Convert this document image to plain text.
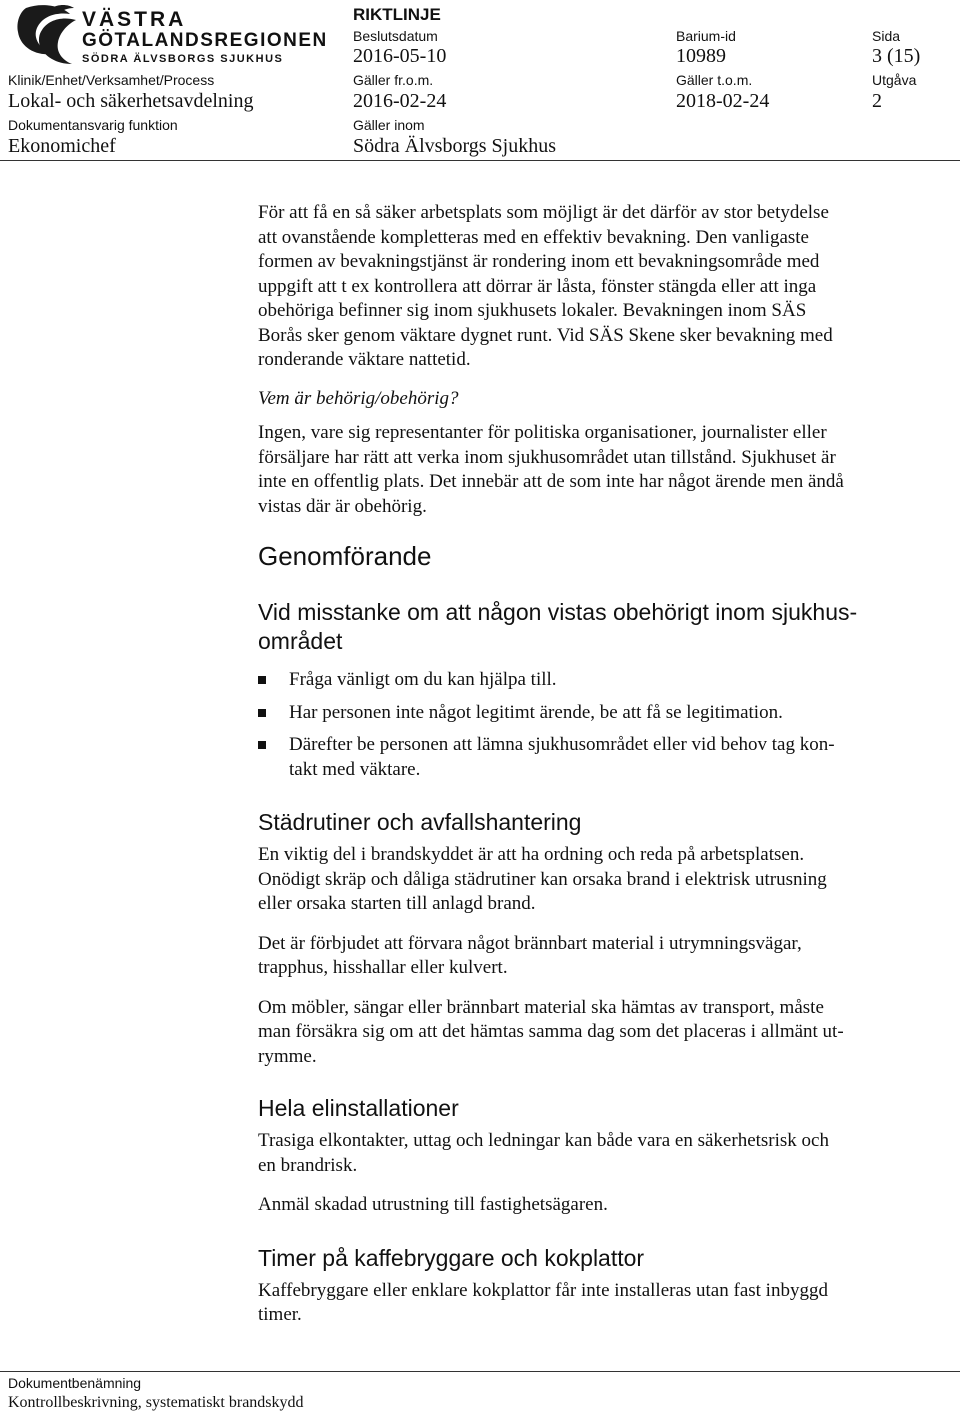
VÄSTRA
GÖTALANDSREGIONEN
SÖDRA ÄLVSBORGS SJUKHUS
RIKTLINJE
Beslutsdatum
2016-05-10
Barium-id
10989
Sida
3 (15)
Klinik/Enhet/Verksamhet/Process
Lokal- och säkerhetsavdelning
Gäller fr.o.m.
2016-02-24
Gäller t.o.m.
2018-02-24
Utgåva
2
Dokumentansvarig funktion
Ekonomichef
Gäller inom
Södra Älvsborgs Sjukhus

För att få en så säker arbetsplats som möjligt är det därför av stor betydelse
att ovanstående kompletteras med en effektiv bevakning. Den vanligaste
formen av bevakningstjänst är rondering inom ett bevakningsområde med
uppgift att t ex kontrollera att dörrar är låsta, fönster stängda eller att inga
obehöriga befinner sig inom sjukhusets lokaler. Bevakningen inom SÄS
Borås sker genom väktare dygnet runt. Vid SÄS Skene sker bevakning med
ronderande väktare nattetid.

Vem är behörig/obehörig?

Ingen, vare sig representanter för politiska organisationer, journalister eller
försäljare har rätt att verka inom sjukhusområdet utan tillstånd. Sjukhuset är
inte en offentlig plats. Det innebär att de som inte har något ärende men ändå
vistas där är obehörig.

Genomförande
Vid misstanke om att någon vistas obehörigt inom sjukhus-
området
Fråga vänligt om du kan hjälpa till.
Har personen inte något legitimt ärende, be att få se legitimation.
Därefter be personen att lämna sjukhusområdet eller vid behov tag kon-
takt med väktare.
Städrutiner och avfallshantering

En viktig del i brandskyddet är att ha ordning och reda på arbetsplatsen.
Onödigt skräp och dåliga städrutiner kan orsaka brand i elektrisk utrusning
eller orsaka starten till anlagd brand.

Det är förbjudet att förvara något brännbart material i utrymningsvägar,
trapphus, hisshallar eller kulvert.

Om möbler, sängar eller brännbart material ska hämtas av transport, måste
man försäkra sig om att det hämtas samma dag som det placeras i allmänt ut-
rymme.

Hela elinstallationer

Trasiga elkontakter, uttag och ledningar kan både vara en säkerhetsrisk och
en brandrisk.

Anmäl skadad utrustning till fastighetsägaren.

Timer på kaffebryggare och kokplattor

Kaffebryggare eller enklare kokplattor får inte installeras utan fast inbyggd
timer.

Dokumentbenämning
Kontrollbeskrivning, systematiskt brandskydd
